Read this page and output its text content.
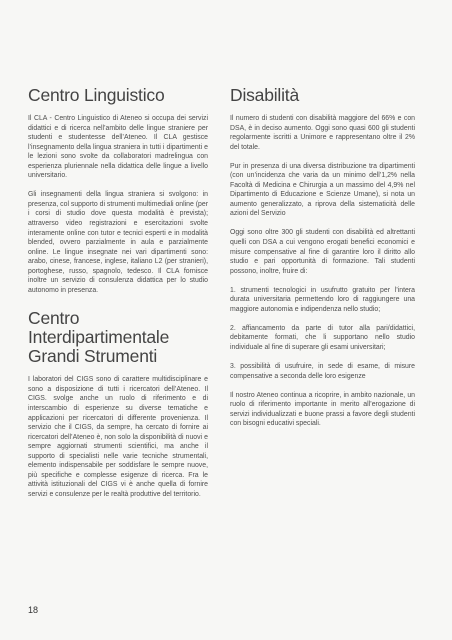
Centro Linguistico

Il CLA - Centro Linguistico di Ateneo si occupa dei servizi didattici e di ricerca nell’ambito delle lingue straniere per studenti e studentesse dell’Ateneo. Il CLA gestisce l’insegnamento della lingua straniera in tutti i dipartimenti e le lezioni sono svolte da collaboratori madrelingua con esperienza pluriennale nella didattica delle lingue a livello universitario.

Gli insegnamenti della lingua straniera si svolgono: in presenza, col supporto di strumenti multimediali online (per i corsi di studio dove questa modalità è prevista); attraverso video registrazioni e esercitazioni svolte interamente online con tutor e tecnici esperti e in modalità blended, ovvero parzialmente in aula e parzialmente online. Le lingue insegnate nei vari dipartimenti sono: arabo, cinese, francese, inglese, italiano L2 (per stranieri), portoghese, russo, spagnolo, tedesco. Il CLA fornisce inoltre un servizio di consulenza didattica per lo studio autonomo in presenza.

Centro Interdipartimentale Grandi Strumenti

I laboratori del CIGS sono di carattere multidisciplinare e sono a disposizione di tutti i ricercatori dell’Ateneo. Il CIGS. svolge anche un ruolo di riferimento e di interscambio di esperienze su diverse tematiche e applicazioni per ricercatori di differente provenienza. Il servizio che il CIGS, da sempre, ha cercato di fornire ai ricercatori dell’Ateneo è, non solo la disponibilità di nuovi e sempre aggiornati strumenti scientifici, ma anche il supporto di specialisti nelle varie tecniche strumentali, elemento indispensabile per soddisfare le sempre nuove, più specifiche e complesse esigenze di ricerca. Fra le attività istituzionali del CIGS vi è anche quella di fornire servizi e consulenze per le realtà produttive del territorio.

Disabilità

Il numero di studenti con disabilità maggiore del 66% e con DSA, è in deciso aumento. Oggi sono quasi 600 gli studenti regolarmente iscritti a Unimore e rappresentano oltre il 2% del totale.

Pur in presenza di una diversa distribuzione tra dipartimenti (con un’incidenza che varia da un minimo dell’1,2% nella Facoltà di Medicina e Chirurgia a un massimo del 4,9% nel Dipartimento di Educazione e Scienze Umane), si nota un aumento generalizzato, a riprova della sistematicità delle azioni del Servizio

Oggi sono oltre 300 gli studenti con disabilità ed altrettanti quelli con DSA a cui vengono erogati benefici economici e misure compensative al fine di garantire loro il diritto allo studio e pari opportunità di formazione. Tali studenti possono, inoltre, fruire di:

1. strumenti tecnologici in usufrutto gratuito per l’intera durata universitaria permettendo loro di raggiungere una maggiore autonomia e indipendenza nello studio;

2. affiancamento da parte di tutor alla pari/didattici, debitamente formati, che li supportano nello studio individuale al fine di superare gli esami universitari;

3. possibilità di usufruire, in sede di esame, di misure compensative a seconda delle loro esigenze

Il nostro Ateneo continua a ricoprire, in ambito nazionale, un ruolo di riferimento importante in merito all’erogazione di servizi individualizzati e buone prassi a favore degli studenti con bisogni educativi speciali.

18
